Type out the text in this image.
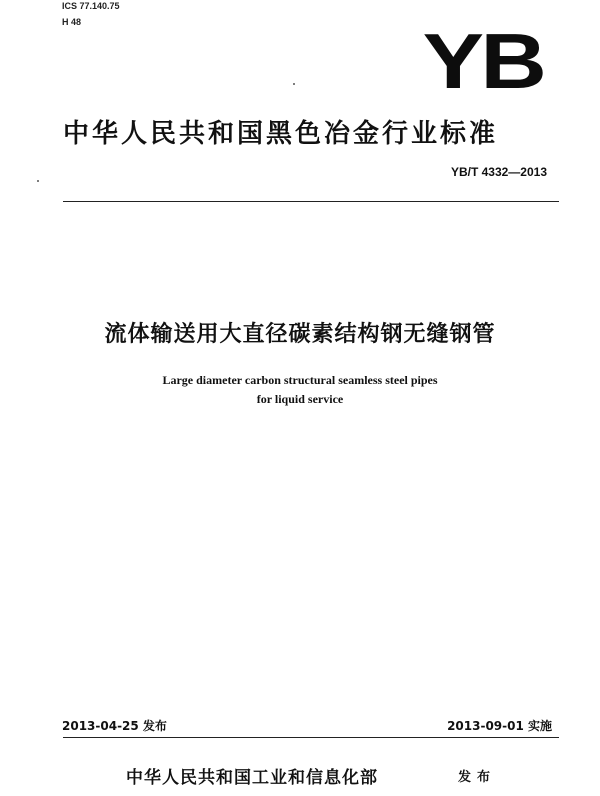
ICS 77.140.75
H 48	YB
中华人民共和国黑色冶金行业标准
YB/T 4332—2013
流体输送用大直径碳素结构钢无缝钢管
Large diameter carbon structural seamless steel pipes
for liquid service
2013-04-25 发布	2013-09-01 实施
中华人民共和国工业和信息化部	发布
